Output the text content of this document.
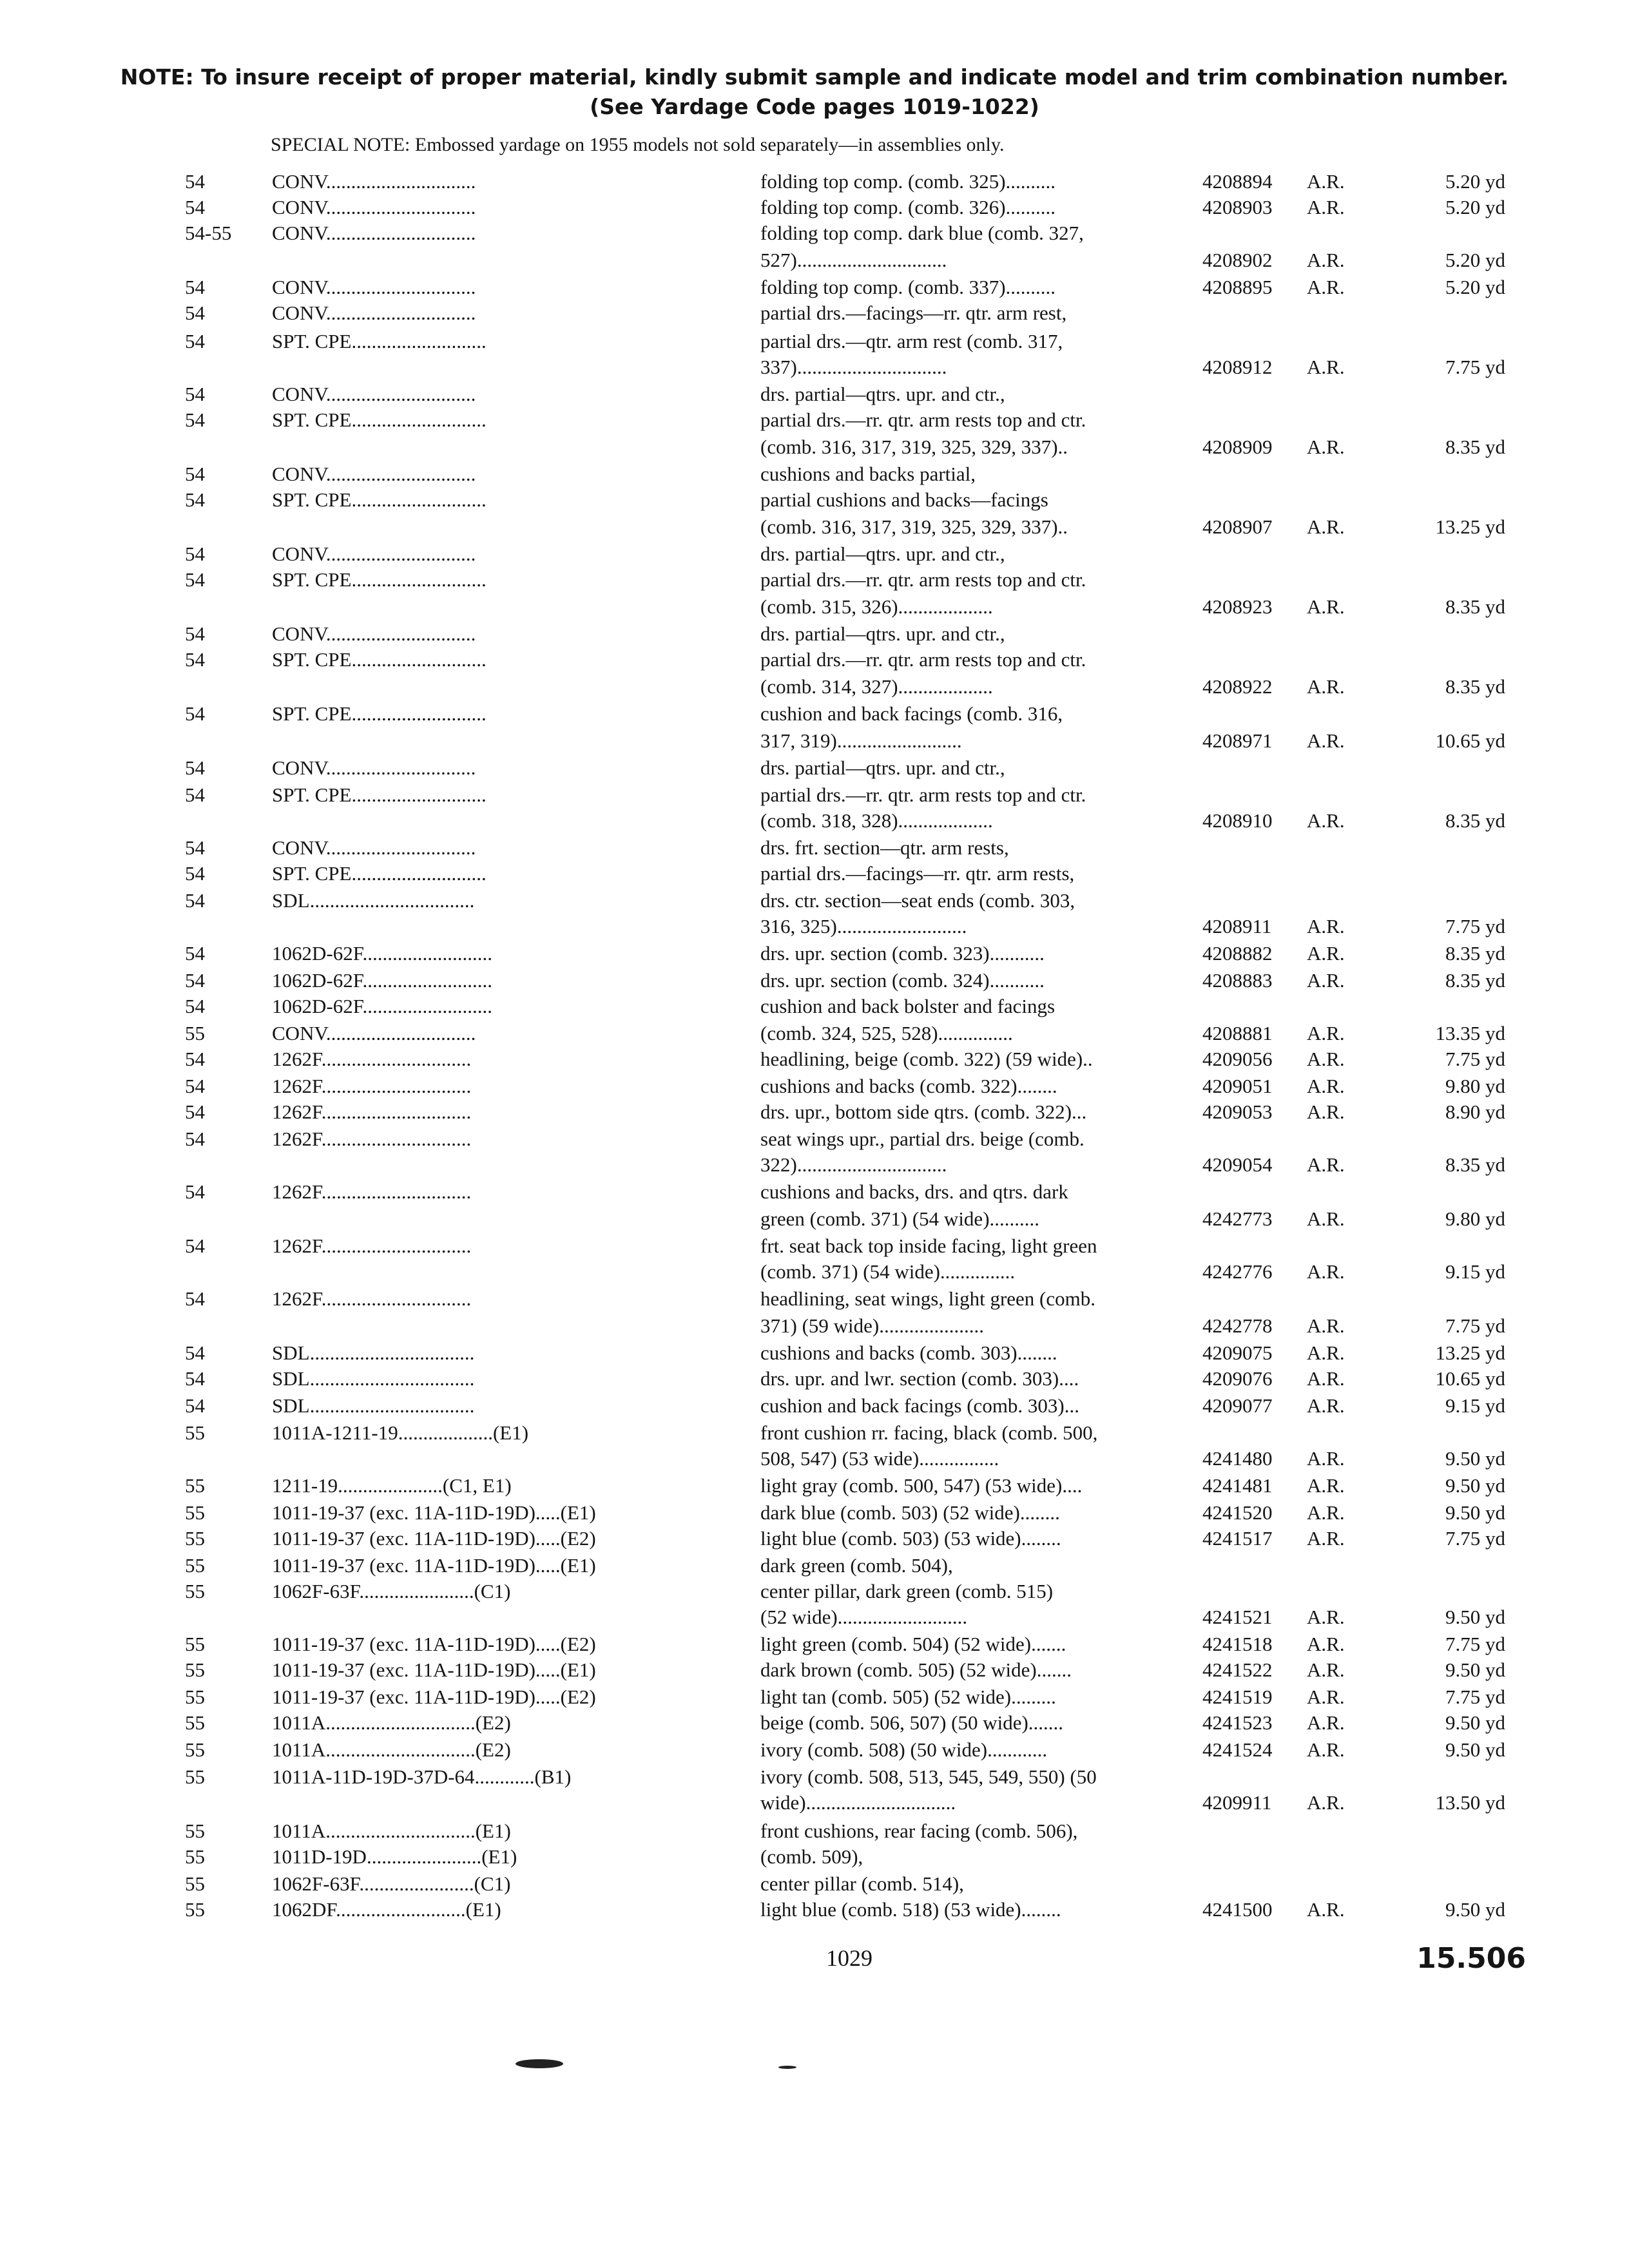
NOTE: To insure receipt of proper material, kindly submit sample and indicate model and trim combination number.
(See Yardage Code pages 1019-1022)
SPECIAL NOTE: Embossed yardage on 1955 models not sold separately—in assemblies only.
54	CONV..............................	folding top comp. (comb. 325)..........	4208894	A.R.	5.20 yd
54	CONV..............................	folding top comp. (comb. 326)..........	4208903	A.R.	5.20 yd
54-55	CONV..............................	folding top comp. dark blue (comb. 327,
527)..............................	4208902	A.R.	5.20 yd
54	CONV..............................	folding top comp. (comb. 337)..........	4208895	A.R.	5.20 yd
54	CONV..............................	partial drs.—facings—rr. qtr. arm rest,
54	SPT. CPE...........................	partial drs.—qtr. arm rest (comb. 317,
337)..............................	4208912	A.R.	7.75 yd
54	CONV..............................	drs. partial—qtrs. upr. and ctr.,
54	SPT. CPE...........................	partial drs.—rr. qtr. arm rests top and ctr.
(comb. 316, 317, 319, 325, 329, 337)..	4208909	A.R.	8.35 yd
54	CONV..............................	cushions and backs partial,
54	SPT. CPE...........................	partial cushions and backs—facings
(comb. 316, 317, 319, 325, 329, 337)..	4208907	A.R.	13.25 yd
54	CONV..............................	drs. partial—qtrs. upr. and ctr.,
54	SPT. CPE...........................	partial drs.—rr. qtr. arm rests top and ctr.
(comb. 315, 326)...................	4208923	A.R.	8.35 yd
54	CONV..............................	drs. partial—qtrs. upr. and ctr.,
54	SPT. CPE...........................	partial drs.—rr. qtr. arm rests top and ctr.
(comb. 314, 327)...................	4208922	A.R.	8.35 yd
54	SPT. CPE...........................	cushion and back facings (comb. 316,
317, 319).........................	4208971	A.R.	10.65 yd
54	CONV..............................	drs. partial—qtrs. upr. and ctr.,
54	SPT. CPE...........................	partial drs.—rr. qtr. arm rests top and ctr.
(comb. 318, 328)...................	4208910	A.R.	8.35 yd
54	CONV..............................	drs. frt. section—qtr. arm rests,
54	SPT. CPE...........................	partial drs.—facings—rr. qtr. arm rests,
54	SDL.................................	drs. ctr. section—seat ends (comb. 303,
316, 325)..........................	4208911	A.R.	7.75 yd
54	1062D-62F..........................	drs. upr. section (comb. 323)...........	4208882	A.R.	8.35 yd
54	1062D-62F..........................	drs. upr. section (comb. 324)...........	4208883	A.R.	8.35 yd
54	1062D-62F..........................	cushion and back bolster and facings
55	CONV..............................	(comb. 324, 525, 528)...............	4208881	A.R.	13.35 yd
54	1262F..............................	headlining, beige (comb. 322) (59 wide)..	4209056	A.R.	7.75 yd
54	1262F..............................	cushions and backs (comb. 322)........	4209051	A.R.	9.80 yd
54	1262F..............................	drs. upr., bottom side qtrs. (comb. 322)...	4209053	A.R.	8.90 yd
54	1262F..............................	seat wings upr., partial drs. beige (comb.
322)..............................	4209054	A.R.	8.35 yd
54	1262F..............................	cushions and backs, drs. and qtrs. dark
green (comb. 371) (54 wide)..........	4242773	A.R.	9.80 yd
54	1262F..............................	frt. seat back top inside facing, light green
(comb. 371) (54 wide)...............	4242776	A.R.	9.15 yd
54	1262F..............................	headlining, seat wings, light green (comb.
371) (59 wide).....................	4242778	A.R.	7.75 yd
54	SDL.................................	cushions and backs (comb. 303)........	4209075	A.R.	13.25 yd
54	SDL.................................	drs. upr. and lwr. section (comb. 303)....	4209076	A.R.	10.65 yd
54	SDL.................................	cushion and back facings (comb. 303)...	4209077	A.R.	9.15 yd
55	1011A-1211-19...................(E1)	front cushion rr. facing, black (comb. 500,
508, 547) (53 wide)................	4241480	A.R.	9.50 yd
55	1211-19.....................(C1, E1)	light gray (comb. 500, 547) (53 wide)....	4241481	A.R.	9.50 yd
55	1011-19-37 (exc. 11A-11D-19D).....(E1)	dark blue (comb. 503) (52 wide)........	4241520	A.R.	9.50 yd
55	1011-19-37 (exc. 11A-11D-19D).....(E2)	light blue (comb. 503) (53 wide)........	4241517	A.R.	7.75 yd
55	1011-19-37 (exc. 11A-11D-19D).....(E1)	dark green (comb. 504),
55	1062F-63F.......................(C1)	center pillar, dark green (comb. 515)
(52 wide)..........................	4241521	A.R.	9.50 yd
55	1011-19-37 (exc. 11A-11D-19D).....(E2)	light green (comb. 504) (52 wide).......	4241518	A.R.	7.75 yd
55	1011-19-37 (exc. 11A-11D-19D).....(E1)	dark brown (comb. 505) (52 wide).......	4241522	A.R.	9.50 yd
55	1011-19-37 (exc. 11A-11D-19D).....(E2)	light tan (comb. 505) (52 wide).........	4241519	A.R.	7.75 yd
55	1011A..............................(E2)	beige (comb. 506, 507) (50 wide).......	4241523	A.R.	9.50 yd
55	1011A..............................(E2)	ivory (comb. 508) (50 wide)............	4241524	A.R.	9.50 yd
55	1011A-11D-19D-37D-64............(B1)	ivory (comb. 508, 513, 545, 549, 550) (50
wide)..............................	4209911	A.R.	13.50 yd
55	1011A..............................(E1)	front cushions, rear facing (comb. 506),
55	1011D-19D.......................(E1)	(comb. 509),
55	1062F-63F.......................(C1)	center pillar (comb. 514),
55	1062DF..........................(E1)	light blue (comb. 518) (53 wide)........	4241500	A.R.	9.50 yd
1029	15.506
